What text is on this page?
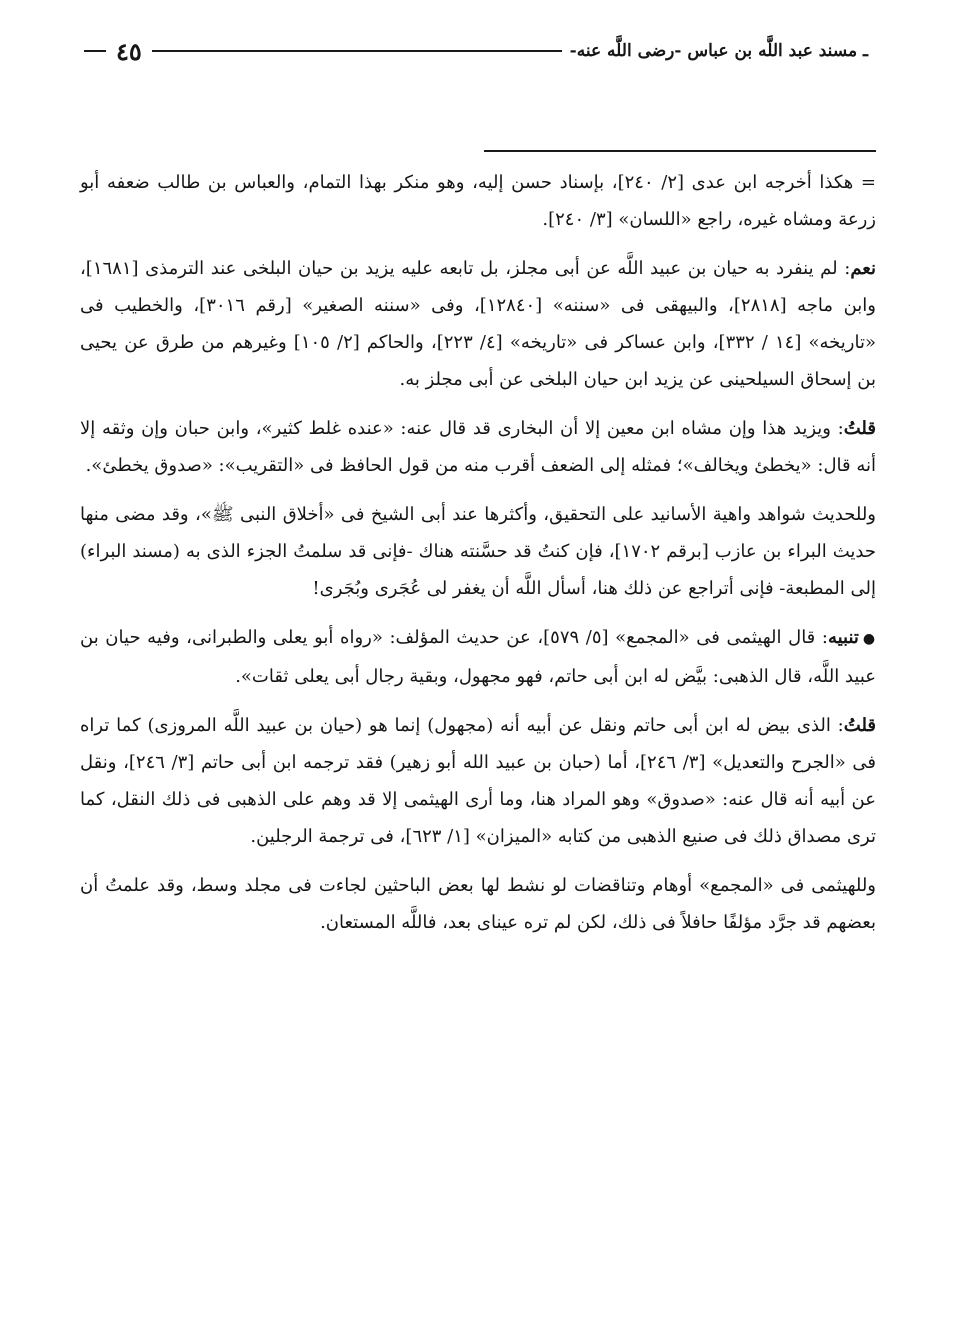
٤٥	ـ مسند عبد اللَّه بن عباس -رضى اللَّه عنه-

= هكذا أخرجه ابن عدى [٢/ ٢٤٠]، بإسناد حسن إليه، وهو منكر بهذا التمام، والعباس بن طالب ضعفه أبو زرعة ومشاه غيره، راجع «اللسان» [٣/ ٢٤٠].

نعم: لم ينفرد به حيان بن عبيد اللَّه عن أبى مجلز، بل تابعه عليه يزيد بن حيان البلخى عند الترمذى [١٦٨١]، وابن ماجه [٢٨١٨]، والبيهقى فى «سننه» [١٢٨٤٠]، وفى «سننه الصغير» [رقم ٣٠١٦]، والخطيب فى «تاريخه» [١٤ / ٣٣٢]، وابن عساكر فى «تاريخه» [٤/ ٢٢٣]، والحاكم [٢/ ١٠٥] وغيرهم من طرق عن يحيى بن إسحاق السيلحينى عن يزيد ابن حيان البلخى عن أبى مجلز به.

قلتُ: ويزيد هذا وإن مشاه ابن معين إلا أن البخارى قد قال عنه: «عنده غلط كثير»، وابن حبان وإن وثقه إلا أنه قال: «يخطئ ويخالف»؛ فمثله إلى الضعف أقرب منه من قول الحافظ فى «التقريب»: «صدوق يخطئ».

وللحديث شواهد واهية الأسانيد على التحقيق، وأكثرها عند أبى الشيخ فى «أخلاق النبى ﷺ»، وقد مضى منها حديث البراء بن عازب [برقم ١٧٠٢]، فإن كنتُ قد حسَّنته هناك -فإنى قد سلمتُ الجزء الذى به (مسند البراء) إلى المطبعة- فإنى أتراجع عن ذلك هنا، أسأل اللَّه أن يغفر لى عُجَرى وبُجَرى!

●تنبيه: قال الهيثمى فى «المجمع» [٥/ ٥٧٩]، عن حديث المؤلف: «رواه أبو يعلى والطبرانى، وفيه حيان بن عبيد اللَّه، قال الذهبى: بيَّض له ابن أبى حاتم، فهو مجهول، وبقية رجال أبى يعلى ثقات».

قلتُ: الذى بيض له ابن أبى حاتم ونقل عن أبيه أنه (مجهول) إنما هو (حيان بن عبيد اللَّه المروزى) كما تراه فى «الجرح والتعديل» [٣/ ٢٤٦]، أما (حبان بن عبيد الله أبو زهير) فقد ترجمه ابن أبى حاتم [٣/ ٢٤٦]، ونقل عن أبيه أنه قال عنه: «صدوق» وهو المراد هنا، وما أرى الهيثمى إلا قد وهم على الذهبى فى ذلك النقل، كما ترى مصداق ذلك فى صنيع الذهبى من كتابه «الميزان» [١/ ٦٢٣]، فى ترجمة الرجلين.

وللهيثمى فى «المجمع» أوهام وتناقضات لو نشط لها بعض الباحثين لجاءت فى مجلد وسط، وقد علمتُ أن بعضهم قد جرَّد مؤلفًا حافلاً فى ذلك، لكن لم تره عيناى بعد، فاللَّه المستعان.
